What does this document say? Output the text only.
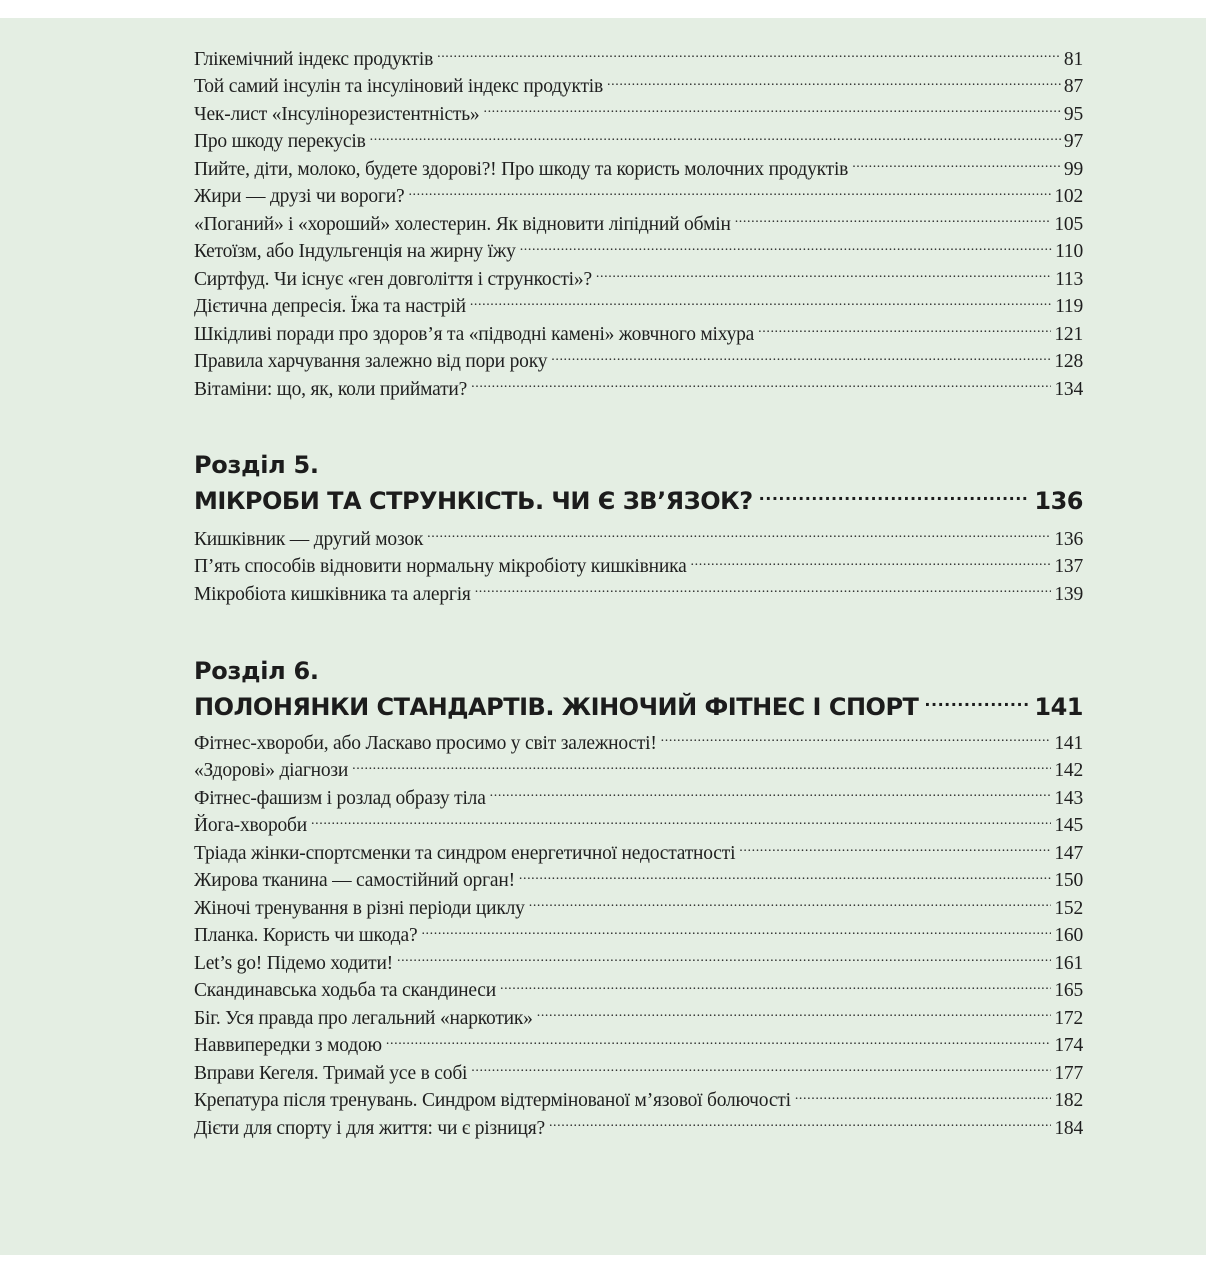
Глікемічний індекс продуктів .....	81
Той самий інсулін та інсуліновий індекс продуктів .....	87
Чек-лист «Інсулінорезистентність» .....	95
Про шкоду перекусів .....	97
Пийте, діти, молоко, будете здорові?! Про шкоду та користь молочних продуктів .....	99
Жири — друзі чи вороги? .....	102
«Поганий» і «хороший» холестерин. Як відновити ліпідний обмін .....	105
Кетоїзм, або Індульгенція на жирну їжу .....	110
Сиртфуд. Чи існує «ген довголіття і стрункості»? .....	113
Дієтична депресія. Їжа та настрій .....	119
Шкідливі поради про здоров’я та «підводні камені» жовчного міхура .....	121
Правила харчування залежно від пори року .....	128
Вітаміни: що, як, коли приймати? .....	134
Розділ 5.
МІКРОБИ ТА СТРУНКІСТЬ. ЧИ Є ЗВ’ЯЗОК? .....	136
Кишківник — другий мозок .....	136
П’ять способів відновити нормальну мікробіоту кишківника .....	137
Мікробіота кишківника та алергія .....	139
Розділ 6.
ПОЛОНЯНКИ СТАНДАРТІВ. ЖІНОЧИЙ ФІТНЕС І СПОРТ .....	141
Фітнес-хвороби, або Ласкаво просимо у світ залежності! .....	141
«Здорові» діагнози .....	142
Фітнес-фашизм і розлад образу тіла .....	143
Йога-хвороби .....	145
Тріада жінки-спортсменки та синдром енергетичної недостатності .....	147
Жирова тканина — самостійний орган! .....	150
Жіночі тренування в різні періоди циклу .....	152
Планка. Користь чи шкода? .....	160
Let’s go! Підемо ходити! .....	161
Скандинавська ходьба та скандинеси .....	165
Біг. Уся правда про легальний «наркотик» .....	172
Наввипередки з модою .....	174
Вправи Кегеля. Тримай усе в собі .....	177
Крепатура після тренувань. Синдром відтермінованої м’язової болючості .....	182
Дієти для спорту і для життя: чи є різниця? .....	184
